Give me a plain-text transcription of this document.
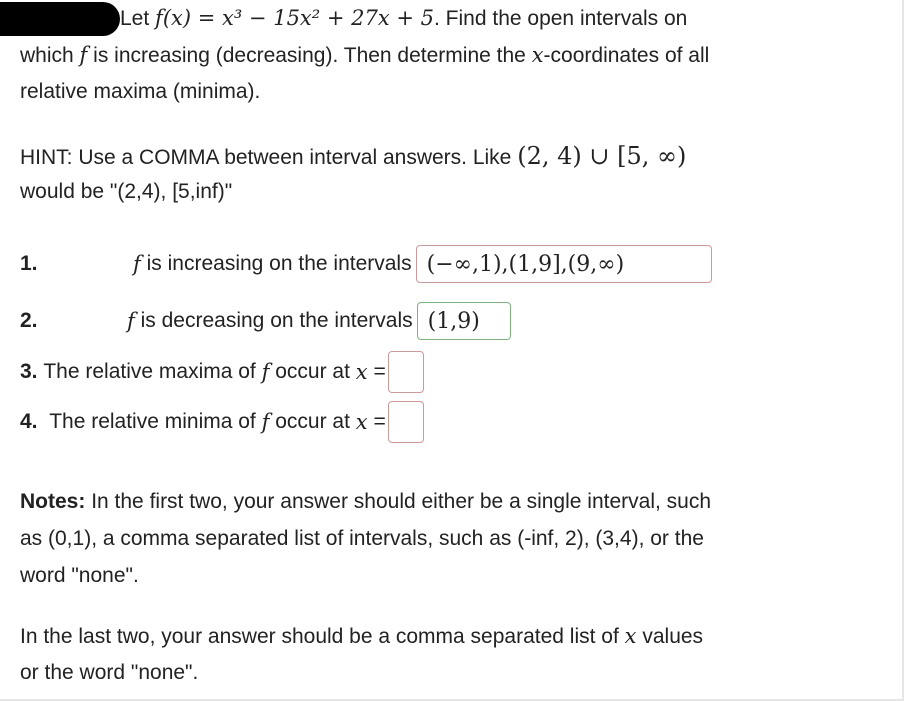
Let f(x) = x³ − 15x² + 27x + 5. Find the open intervals on
which f is increasing (decreasing). Then determine the x-coordinates of all
relative maxima (minima).
HINT: Use a COMMA between interval answers. Like (2, 4) ∪ [5, ∞)
would be "(2,4), [5,inf)"
1.	f
is increasing on the intervals (−∞,1),(1,9],(9,∞)
2.	f
is decreasing on the intervals (1,9)
3.
The relative maxima of
f
occur at
x
=
4.
The relative minima of
f
occur at
x
=
Notes: In the first two, your answer should either be a single interval, such
as (0,1), a comma separated list of intervals, such as (-inf, 2), (3,4), or the
word "none".
In the last two, your answer should be a comma separated list of x values
or the word "none".
